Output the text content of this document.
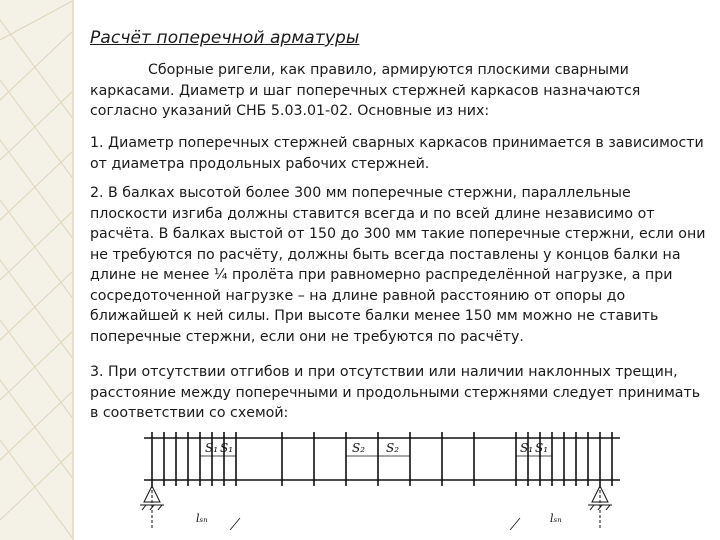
Расчёт поперечной арматуры
Сборные ригели, как правило, армируются плоскими сварными каркасами. Диаметр и шаг поперечных стержней каркасов назначаются согласно указаний СНБ 5.03.01-02. Основные из них:
1. Диаметр поперечных стержней сварных каркасов принимается в зависимости от диаметра продольных рабочих стержней.
2. В балках высотой более 300 мм поперечные стержни, параллельные плоскости изгиба должны ставится всегда и по всей длине независимо от расчёта. В балках выстой от 150 до 300 мм такие поперечные стержни, если они не требуются по расчёту, должны быть всегда поставлены у концов балки на длине не менее ¼ пролёта при равномерно распределённой нагрузке, а при сосредоточенной нагрузке – на длине равной расстоянию от опоры до ближайшей к ней силы. При высоте балки менее 150 мм можно не ставить поперечные стержни, если они не требуются по расчёту.
3. При отсутствии отгибов и при отсутствии или наличии наклонных трещин, расстояние между поперечными и продольными стержнями следует принимать в соответствии со схемой:
S₁ S₁	S₂ S₂	S₁ S₁
lₛₙ	lₛₙ
